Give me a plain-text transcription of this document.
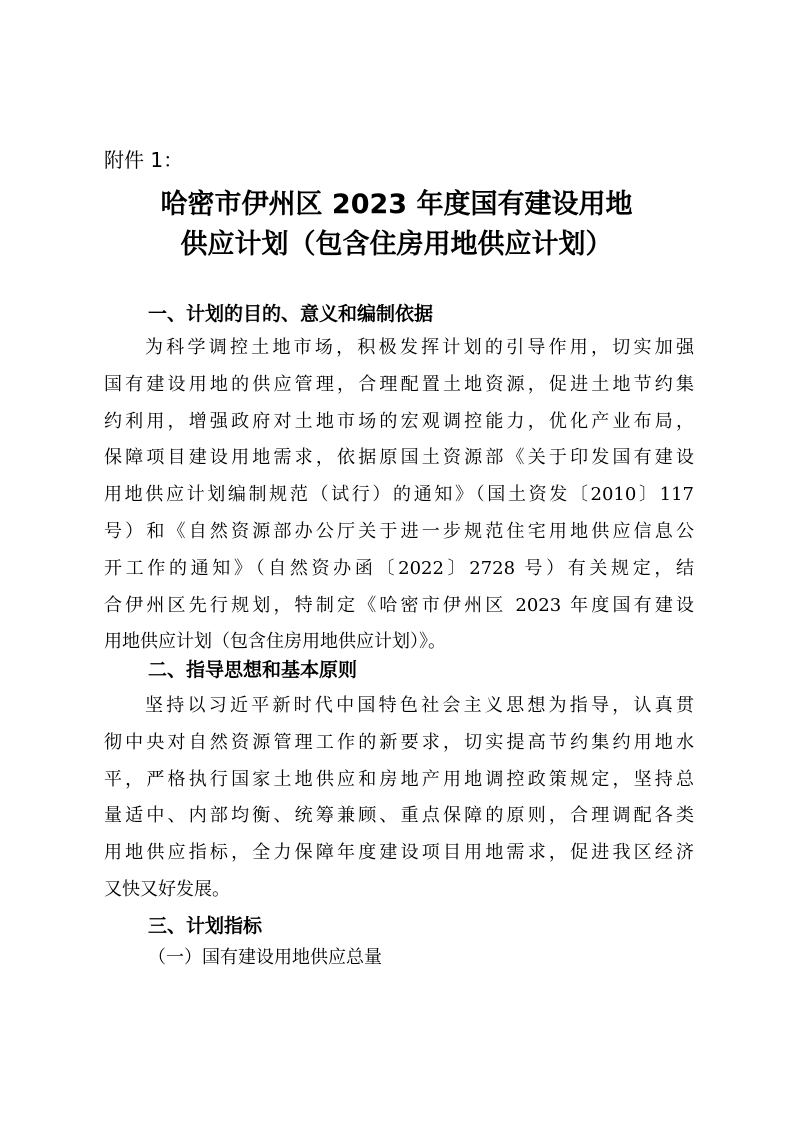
附件 1：
哈密市伊州区 2023 年度国有建设用地
供应计划（包含住房用地供应计划）
一、计划的目的、意义和编制依据
为科学调控土地市场，积极发挥计划的引导作用，切实加强
国有建设用地的供应管理，合理配置土地资源，促进土地节约集
约利用，增强政府对土地市场的宏观调控能力，优化产业布局，
保障项目建设用地需求，依据原国土资源部《关于印发国有建设
用地供应计划编制规范（试行）的通知》（国土资发〔2010〕117
号）和《自然资源部办公厅关于进一步规范住宅用地供应信息公
开工作的通知》（自然资办函〔2022〕2728 号）有关规定，结
合伊州区先行规划，特制定《哈密市伊州区 2023 年度国有建设
用地供应计划（包含住房用地供应计划）》。
二、指导思想和基本原则
坚持以习近平新时代中国特色社会主义思想为指导，认真贯
彻中央对自然资源管理工作的新要求，切实提高节约集约用地水
平，严格执行国家土地供应和房地产用地调控政策规定，坚持总
量适中、内部均衡、统筹兼顾、重点保障的原则，合理调配各类
用地供应指标，全力保障年度建设项目用地需求，促进我区经济
又快又好发展。
三、计划指标
（一）国有建设用地供应总量
